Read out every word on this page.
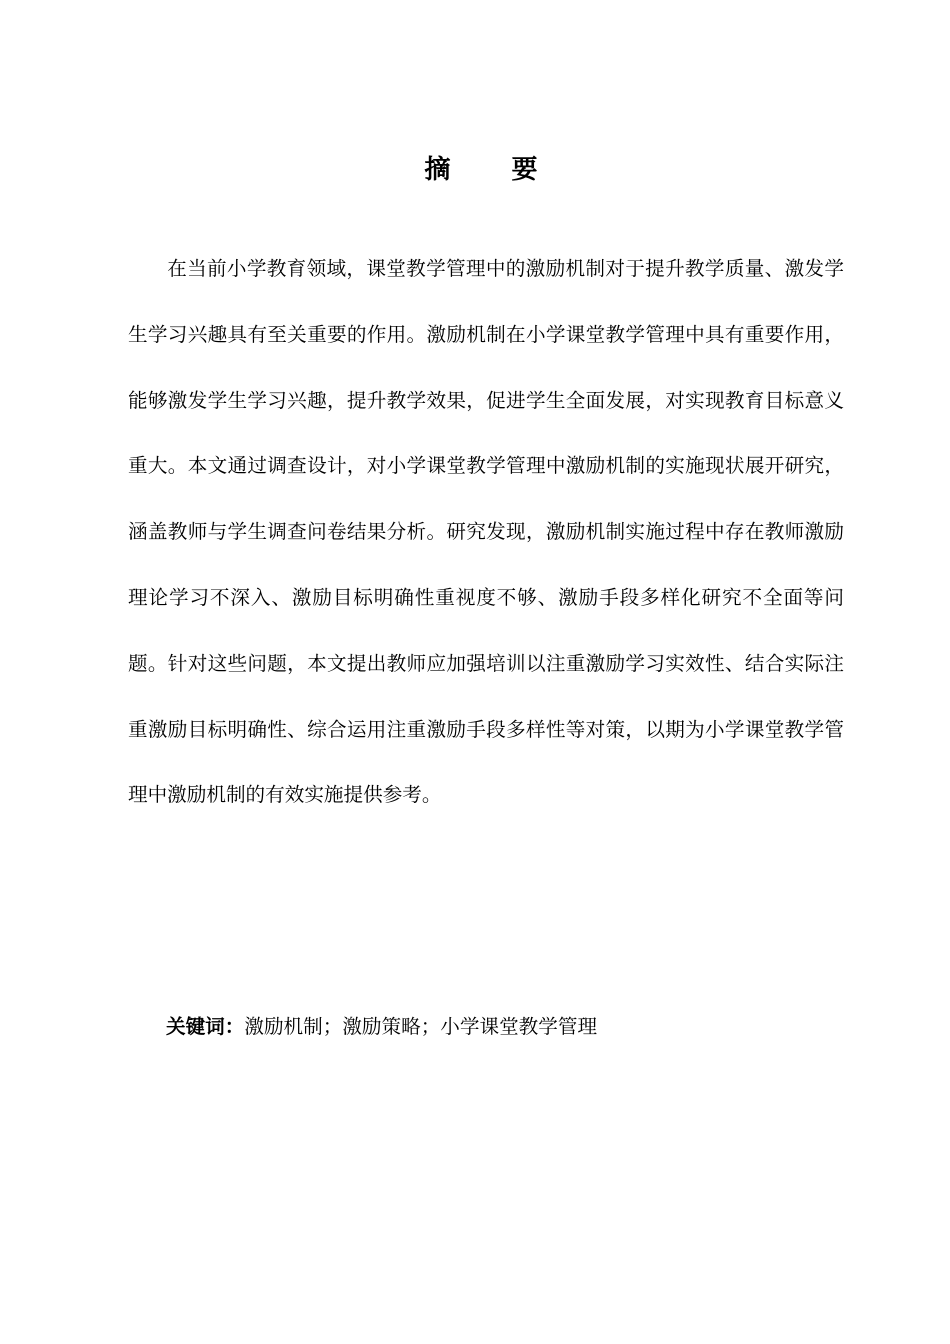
摘 要

在当前小学教育领域，课堂教学管理中的激励机制对于提升教学质量、激发学生学习兴趣具有至关重要的作用。激励机制在小学课堂教学管理中具有重要作用，能够激发学生学习兴趣，提升教学效果，促进学生全面发展，对实现教育目标意义重大。本文通过调查设计，对小学课堂教学管理中激励机制的实施现状展开研究，涵盖教师与学生调查问卷结果分析。研究发现，激励机制实施过程中存在教师激励理论学习不深入、激励目标明确性重视度不够、激励手段多样化研究不全面等问题。针对这些问题，本文提出教师应加强培训以注重激励学习实效性、结合实际注重激励目标明确性、综合运用注重激励手段多样性等对策，以期为小学课堂教学管理中激励机制的有效实施提供参考。

关键词：激励机制；激励策略；小学课堂教学管理
